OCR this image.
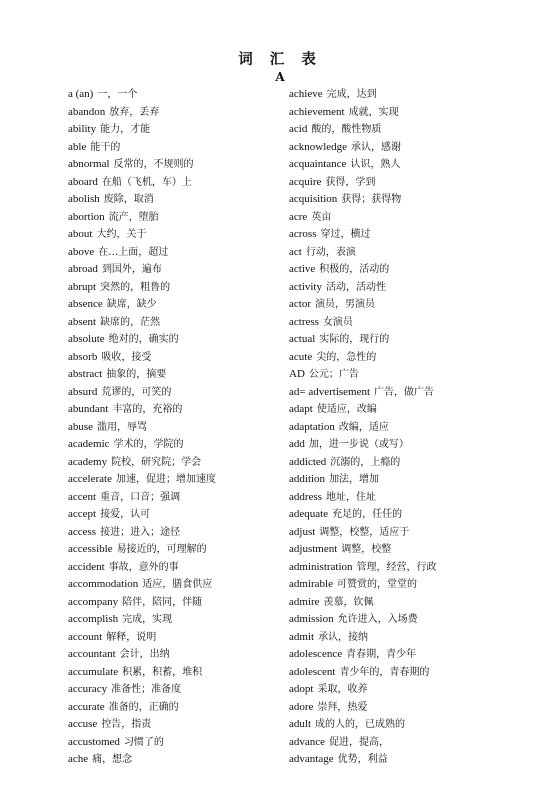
词 汇 表
A
a (an) 一，一个
abandon 放弃，丢弃
ability 能力，才能
able 能干的
abnormal 反常的，不规则的
aboard 在船（飞机，车）上
abolish 废除，取消
abortion 流产，堕胎
about 大约，关于
above 在…上面，超过
abroad 到国外，遍布
abrupt 突然的，粗鲁的
absence 缺席，缺少
absent 缺席的，茫然
absolute 绝对的，确实的
absorb 吸收，接受
abstract 抽象的，摘要
absurd 荒谬的，可笑的
abundant 丰富的，充裕的
abuse 滥用，辱骂
academic 学术的，学院的
academy 院校，研究院；学会
accelerate 加速，促进；增加速度
accent 重音，口音；强调
accept 接爱，认可
access 接进；进入；途径
accessible 易接近的，可理解的
accident 事故，意外的事
accommodation 适应，膳食供应
accompany 陪伴，陪同，伴随
accomplish 完成，实现
account 解释，说明
accountant 会计，出纳
accumulate 积累，积蓄，堆积
accuracy 准备性；准备度
accurate 准备的，正确的
accuse 控告，指责
accustomed 习惯了的
ache 痛，想念
achieve 完成，达到
achievement 成就，实现
acid 酸的，酸性物质
acknowledge 承认，感谢
acquaintance 认识，熟人
acquire 获得，学到
acquisition 获得；获得物
acre 英亩
across 穿过，横过
act 行动，表演
active 积极的，活动的
activity 活动，活动性
actor 演员，男演员
actress 女演员
actual 实际的，现行的
acute 尖的，急性的
AD 公元；广告
ad= advertisement 广告，做广告
adapt 使适应，改编
adaptation 改编，适应
add 加，进一步说（或写）
addicted 沉溺的，上瘾的
addition 加法，增加
address 地址，住址
adequate 充足的，任任的
adjust 调整，校整，适应于
adjustment 调整，校整
administration 管理，经营，行政
admirable 可赞赏的，堂堂的
admire 羡慕，钦佩
admission 允许进入，入场费
admit 承认，接纳
adolescence 青春期，青少年
adolescent 青少年的，青春期的
adopt 采取，收养
adore 崇拜，热爱
adult 成的人的，已成熟的
advance 促进，提高，
advantage 优势，利益
